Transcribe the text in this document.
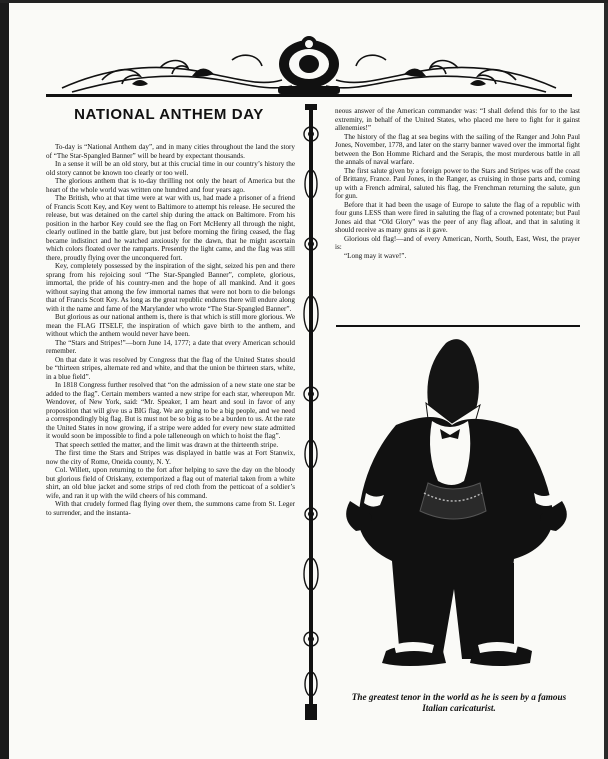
NATIONAL ANTHEM DAY

To-day is “National Anthem day”, and in many cities throughout the land the story of “The Star-Spangled Banner” will be heard by expectant thousands.

In a sense it will be an old story, but at this crucial time in our country’s history the old story cannot be known too clearly or too well.

The glorious anthem that is to-day thrilling not only the heart of America but the heart of the whole world was written one hundred and four years ago.

The British, who at that time were at war with us, had made a prisoner of a friend of Francis Scott Key, and Key went to Baltimore to attempt his release. He secured the release, but was detained on the cartel ship during the attack on Baltimore. From his position in the harbor Key could see the flag on Fort McHenry all through the night, clearly outlined in the battle glare, but just before morning the firing ceased, the flag became indistinct and he watched anxiously for the dawn, that he might ascertain which colors floated over the ramparts. Presently the light came, and the flag was still there, proudly flying over the unconquered fort.

Key, completely possessed by the inspiration of the sight, seized his pen and there sprang from his rejoicing soul “The Star-Spangled Banner”, complete, glorious, immortal, the pride of his country-men and the hope of all mankind. And it goes without saying that among the few immortal names that were not born to die belongs that of Francis Scott Key. As long as the great republic endures there will endure along with it the name and fame of the Marylander who wrote “The Star-Spangled Banner”.

But glorious as our national anthem is, there is that which is still more glorious. We mean the FLAG ITSELF, the inspiration of which gave birth to the anthem, and without which the anthem would never have been.

The “Stars and Stripes!”—born June 14, 1777; a date that every American schould remember.

On that date it was resolved by Congress that the flag of the United States should be “thirteen stripes, alternate red and white, and that the union be thirteen stars, white, in a blue field”.

In 1818 Congress further resolved that “on the admission of a new state one star be added to the flag”. Certain members wanted a new stripe for each star, whereupon Mr. Wendover, of New York, said: “Mr. Speaker, I am heart and soul in favor of any proposition that will give us a BIG flag. We are going to be a big people, and we need a correspondingly big flag. But is must not be so big as to be a burden to us. At the rate the United States in now growing, if a stripe were added for every new state admitted it would soon be impossible to find a pole talleneough on which to hoist the flag”.

That speech settled the matter, and the limit was drawn at the thirteenth stripe.

The first time the Stars and Stripes was displayed in battle was at Fort Stanwix, now the city of Rome, Oneida county, N. Y.

Col. Willett, upon returning to the fort after helping to save the day on the bloody but glorious field of Oriskany, extemporized a flag out of material taken from a white shirt, an old blue jacket and some strips of red cloth from the petticoat of a soldier’s wife, and ran it up with the wild cheers of his command.

With that crudely formed flag flying over them, the summons came from St. Leger to surrender, and the instanta-

neous answer of the American commander was: “I shall defend this for to the last extremity, in behalf of the United States, who placed me here to fight for it gainst allenemies!”

The history of the flag at sea begins with the sailing of the Ranger and John Paul Jones, November, 1778, and later on the starry banner waved over the immortal fight between the Bon Homme Richard and the Serapis, the most murderous battle in all the annals of naval warfare.

The first salute given by a foreign power to the Stars and Stripes was off the coast of Brittany, France. Paul Jones, in the Ranger, as cruising in those parts and, coming up with a French admiral, saluted his flag, the Frenchman returning the salute, gun for gun.

Before that it had been the usage of Europe to salute the flag of a republic with four guns LESS than were fired in saluting the flag of a crowned potentate; but Paul Jones aid that “Old Glory” was the peer of any flag afloat, and that in saluting it should receive as many guns as it gave.

Glorious old flag!—and of every American, North, South, East, West, the prayer is:

“Long may it wave!”.

The greatest tenor in the world as he is seen by a famous Italian caricaturist.
